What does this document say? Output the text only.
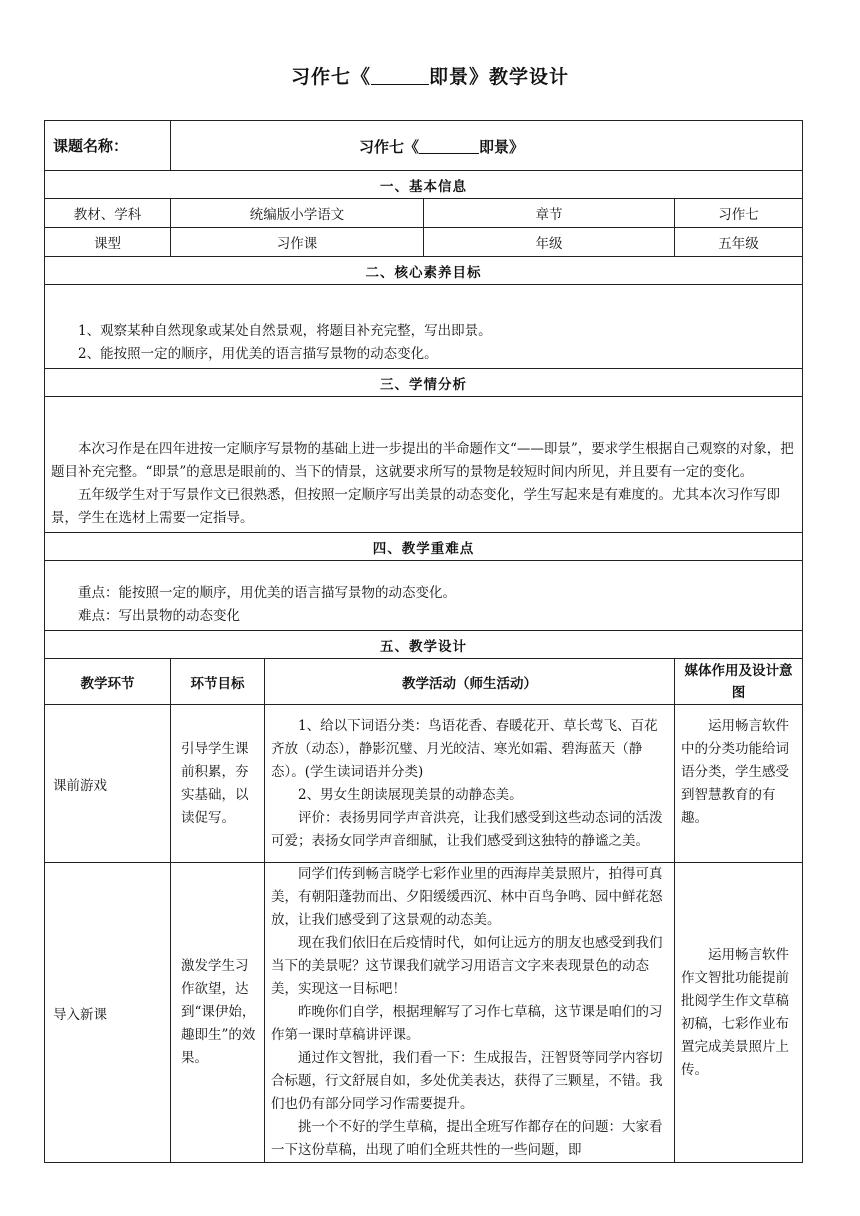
习作七《	即景》教学设计
课题名称：	习作七《 即景》			
一、基本信息				
教材、学科	统编版小学语文		章节	习作七
课型	习作课		年级	五年级
二、核心素养目标				

1、观察某种自然现象或某处自然景观，将题目补充完整，写出即景。

2、能按照一定的顺序，用优美的语言描写景物的动态变化。				

三、学情分析				

本次习作是在四年进按一定顺序写景物的基础上进一步提出的半命题作文“——即景”，要求学生根据自己观察的对象，把题目补充完整。“即景”的意思是眼前的、当下的情景，这就要求所写的景物是较短时间内所见，并且要有一定的变化。

五年级学生对于写景作文已很熟悉，但按照一定顺序写出美景的动态变化，学生写起来是有难度的。尤其本次习作写即景，学生在选材上需要一定指导。				

四、教学重难点				

重点：能按照一定的顺序，用优美的语言描写景物的动态变化。

难点：写出景物的动态变化				

五、教学设计				
教学环节	环节目标	教学活动（师生活动）		媒体作用及设计意图
课前游戏	引导学生课前积累，夯实基础，以读促写。	1、给以下词语分类：鸟语花香、春暖花开、草长莺飞、百花齐放（动态），静影沉璧、月光皎洁、寒光如霜、碧海蓝天（静态）。(学生读词语并分类)

2、男女生朗读展现美景的动静态美。

评价：表扬男同学声音洪亮，让我们感受到这些动态词的活泼可爱；表扬女同学声音细腻，让我们感受到这独特的静谧之美。		运用畅言软件中的分类功能给词语分类，学生感受到智慧教育的有趣。

导入新课	激发学生习作欲望，达到“课伊始，趣即生”的效果。	同学们传到畅言晓学七彩作业里的西海岸美景照片，拍得可真美，有朝阳蓬勃而出、夕阳缓缓西沉、林中百鸟争鸣、园中鲜花怒放，让我们感受到了这景观的动态美。

现在我们依旧在后疫情时代，如何让远方的朋友也感受到我们当下的美景呢？这节课我们就学习用语言文字来表现景色的动态美，实现这一目标吧！

昨晚你们自学，根据理解写了习作七草稿，这节课是咱们的习作第一课时草稿讲评课。

通过作文智批，我们看一下：生成报告，汪智贤等同学内容切合标题，行文舒展自如，多处优美表达，获得了三颗星，不错。我们也仍有部分同学习作需要提升。

挑一个不好的学生草稿，提出全班写作都存在的问题：大家看一下这份草稿，出现了咱们全班共性的一些问题，即		运用畅言软件作文智批功能提前批阅学生作文草稿初稿，七彩作业布置完成美景照片上传。
